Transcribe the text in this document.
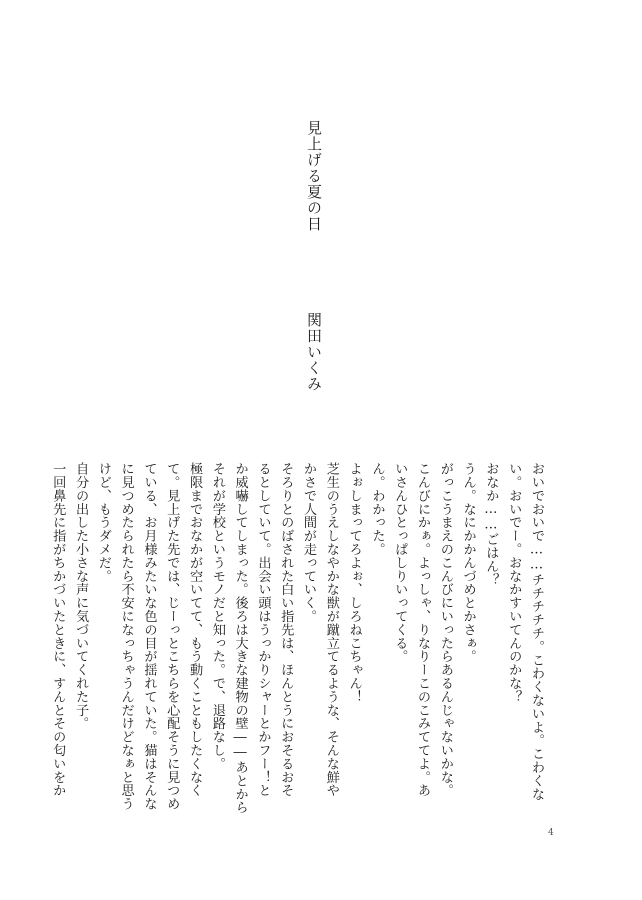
見上げる夏の日
関田いくみ
おいでおいで……チチチチチ。こわくないよ。こわくな
い。おいでー。おなかすいてんのかな？
おなか……ごはん？
うん。なにかかんづめとかさぁ。
がっこうまえのこんびにいったらあるんじゃないかな。
こんびにかぁ。よっしゃ、りなりーこのこみててよ。あ
いさんひとっぱしりいってくる。
ん。わかった。
よぉしまってろよぉ、しろねこちゃん！
芝生のうえしなやかな獣が蹴立てるような、そんな鮮や
かさで人間が走っていく。
そろりとのばされた白い指先は、ほんとうにおそるおそ
るとしていて。出会い頭はうっかりシャーとかフー！と
か威嚇してしまった。後ろは大きな建物の壁――あとから
それが学校というモノだと知った。で、退路なし。
極限までおなかが空いてて、もう動くこともしたくなく
て。見上げた先では、じーっとこちらを心配そうに見つめ
ている、お月様みたいな色の目が揺れていた。猫はそんな
に見つめたられたら不安になっちゃうんだけどなぁと思う
けど、もうダメだ。
自分の出した小さな声に気づいてくれた子。
一回鼻先に指がちかづいたときに、すんとその匂いをか
4
